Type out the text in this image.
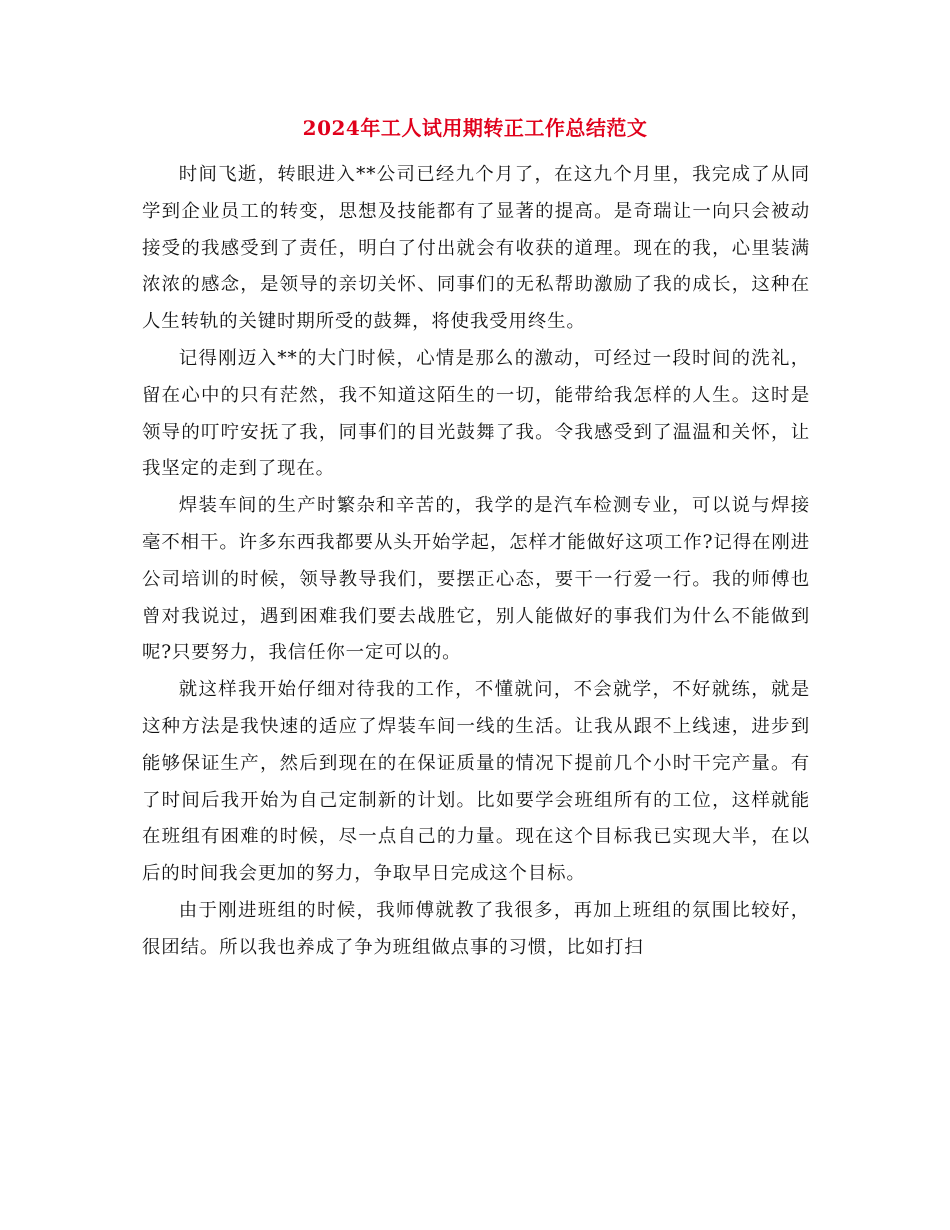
2024年工人试用期转正工作总结范文

时间飞逝，转眼进入**公司已经九个月了，在这九个月里，我完成了从同学到企业员工的转变，思想及技能都有了显著的提高。是奇瑞让一向只会被动接受的我感受到了责任，明白了付出就会有收获的道理。现在的我，心里装满浓浓的感念，是领导的亲切关怀、同事们的无私帮助激励了我的成长，这种在人生转轨的关键时期所受的鼓舞，将使我受用终生。

记得刚迈入**的大门时候，心情是那么的激动，可经过一段时间的洗礼，留在心中的只有茫然，我不知道这陌生的一切，能带给我怎样的人生。这时是领导的叮咛安抚了我，同事们的目光鼓舞了我。令我感受到了温温和关怀，让我坚定的走到了现在。

焊装车间的生产时繁杂和辛苦的，我学的是汽车检测专业，可以说与焊接毫不相干。许多东西我都要从头开始学起，怎样才能做好这项工作?记得在刚进公司培训的时候，领导教导我们，要摆正心态，要干一行爱一行。我的师傅也曾对我说过，遇到困难我们要去战胜它，别人能做好的事我们为什么不能做到呢?只要努力，我信任你一定可以的。

就这样我开始仔细对待我的工作，不懂就问，不会就学，不好就练，就是这种方法是我快速的适应了焊装车间一线的生活。让我从跟不上线速，进步到能够保证生产，然后到现在的在保证质量的情况下提前几个小时干完产量。有了时间后我开始为自己定制新的计划。比如要学会班组所有的工位，这样就能在班组有困难的时候，尽一点自己的力量。现在这个目标我已实现大半，在以后的时间我会更加的努力，争取早日完成这个目标。

由于刚进班组的时候，我师傅就教了我很多，再加上班组的氛围比较好，很团结。所以我也养成了争为班组做点事的习惯，比如打扫
